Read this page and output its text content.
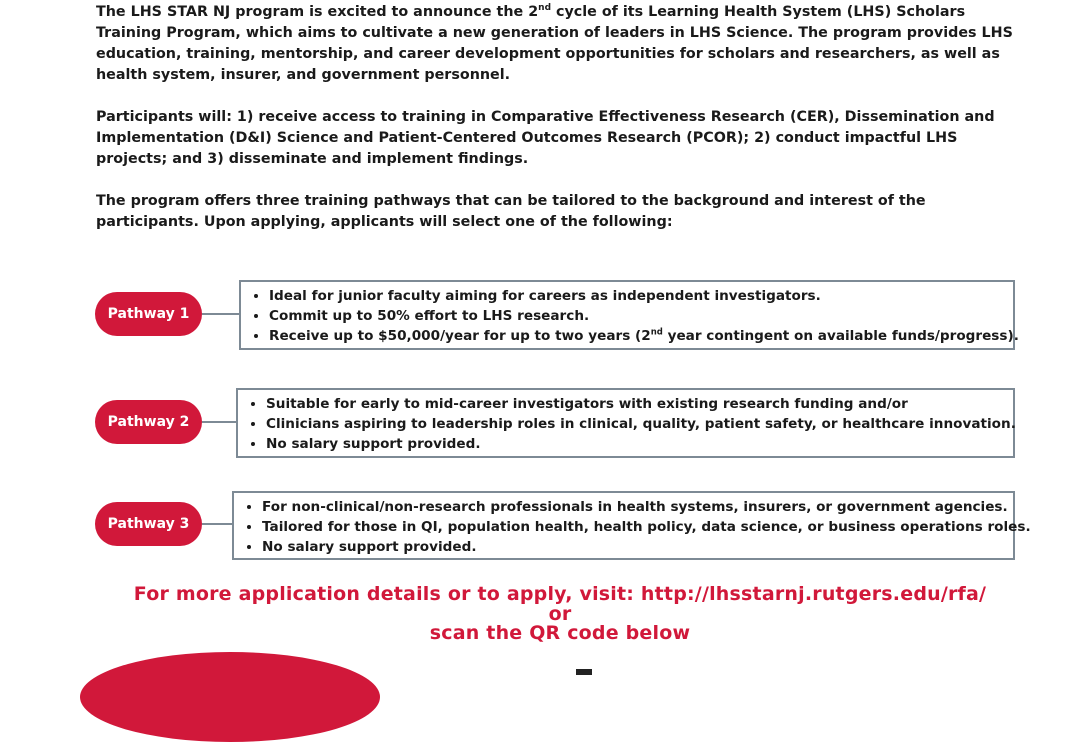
The LHS STAR NJ program is excited to announce the 2nd cycle of its Learning Health System (LHS) Scholars Training Program, which aims to cultivate a new generation of leaders in LHS Science. The program provides LHS education, training, mentorship, and career development opportunities for scholars and researchers, as well as health system, insurer, and government personnel.

Participants will: 1) receive access to training in Comparative Effectiveness Research (CER), Dissemination and Implementation (D&I) Science and Patient-Centered Outcomes Research (PCOR); 2) conduct impactful LHS projects; and 3) disseminate and implement findings.

The program offers three training pathways that can be tailored to the background and interest of the participants. Upon applying, applicants will select one of the following:

Pathway 1
• Ideal for junior faculty aiming for careers as independent investigators.
• Commit up to 50% effort to LHS research.
• Receive up to $50,000/year for up to two years (2nd year contingent on available funds/progress).
Pathway 2
• Suitable for early to mid-career investigators with existing research funding and/or
• Clinicians aspiring to leadership roles in clinical, quality, patient safety, or healthcare innovation.
• No salary support provided.
Pathway 3
• For non-clinical/non-research professionals in health systems, insurers, or government agencies.
• Tailored for those in QI, population health, health policy, data science, or business operations roles.
• No salary support provided.
For more application details or to apply, visit: http://lhsstarnj.rutgers.edu/rfa/
or
scan the QR code below
